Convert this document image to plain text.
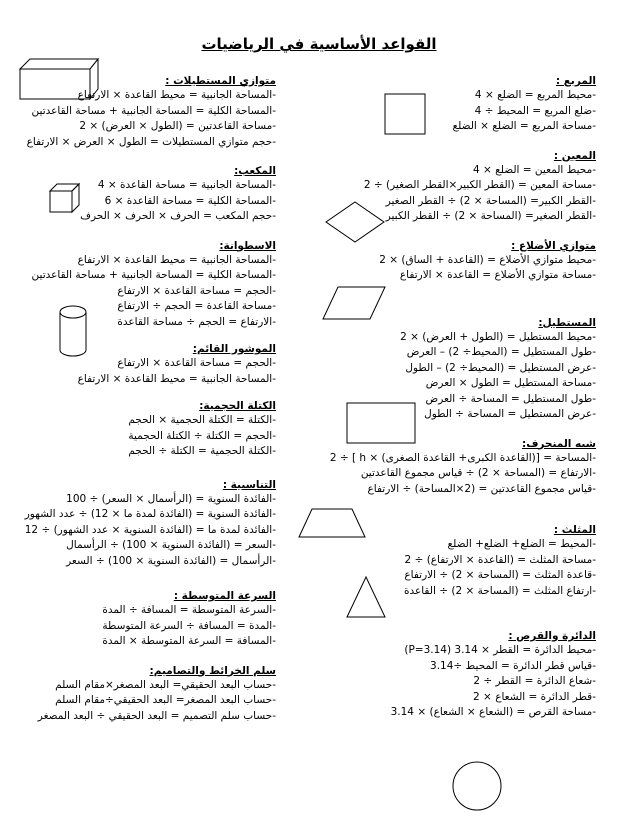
القواعد الأساسية في الرياضيات
المربع :
-محيط المربع = الضلع × 4
-ضلع المربع = المحيط ÷ 4
-مساحة المربع = الضلع × الضلع
المعين :
-محيط المعين = الضلع × 4
-مساحة المعين = (القطر الكبير×القطر الصغير) ÷ 2
-القطر الكبير= (المساحة × 2) ÷ القطر الصغير
-القطر الصغير= (المساحة × 2) ÷ القطر الكبير
متوازي الأضلاع :
-محيط متوازي الأضلاع = (القاعدة + الساق) × 2
-مساحة متوازي الأضلاع = القاعدة × الارتفاع
المستطيل:
-محيط المستطيل = (الطول + العرض) × 2
-طول المستطيل = (المحيط÷ 2) – العرض
-عرض المستطيل = (المحيط÷ 2) – الطول
-مساحة المستطيل = الطول × العرض
-طول المستطيل = المساحة ÷ العرض
-عرض المستطيل = المساحة ÷ الطول
شبه المنحرف:
-المساحة = [(القاعدة الكبرى+ القاعدة الصغرى) × h ] ÷ 2
-الارتفاع = (المساحة × 2) ÷ قياس مجموع القاعدتين
-قياس مجموع القاعدتين = (2×المساحة) ÷ الارتفاع
المثلث :
-المحيط = الضلع+ الضلع+ الضلع
-مساحة المثلث = (القاعدة × الارتفاع) ÷ 2
-قاعدة المثلث = (المساحة × 2) ÷ الارتفاع
-ارتفاع المثلث = (المساحة × 2) ÷ القاعدة
الدائرة والقرص :
-محيط الدائرة = القطر × 3.14 (P=3.14)
-قياس قطر الدائرة = المحيط ÷3.14
-شعاع الدائرة = القطر ÷ 2
-قطر الدائرة = الشعاع × 2
-مساحة القرص = (الشعاع × الشعاع) × 3.14
متوازي المستطيلات :
-المساحة الجانبية = محيط القاعدة × الارتفاع
-المساحة الكلية = المساحة الجانبية + مساحة القاعدتين
-مساحة القاعدتين = (الطول × العرض) × 2
-حجم متوازي المستطيلات = الطول × العرض × الارتفاع
المكعب:
-المساحة الجانبية = مساحة القاعدة × 4
-المساحة الكلية = مساحة القاعدة × 6
-حجم المكعب = الحرف × الحرف × الحرف
الاسطوانة:
-المساحة الجانبية = محيط القاعدة × الارتفاع
-المساحة الكلية = المساحة الجانبية + مساحة القاعدتين
-الحجم = مساحة القاعدة × الارتفاع
-مساحة القاعدة = الحجم ÷ الارتفاع
-الارتفاع = الحجم ÷ مساحة القاعدة
الموشور القائم:
-الحجم = مساحة القاعدة × الارتفاع
-المساحة الجانبية = محيط القاعدة × الارتفاع
الكتلة الحجمية:
-الكتلة = الكتلة الحجمية × الحجم
-الحجم = الكتلة ÷ الكتلة الحجمية
-الكتلة الحجمية = الكتلة ÷ الحجم
التناسبية :
-الفائدة السنوية = (الرأسمال × السعر) ÷ 100
-الفائدة السنوية = (الفائدة لمدة ما × 12) ÷ عدد الشهور
-الفائدة لمدة ما = (الفائدة السنوية × عدد الشهور) ÷ 12
-السعر = (الفائدة السنوية × 100) ÷ الرأسمال
-الرأسمال = (الفائدة السنوية × 100) ÷ السعر
السرعة المتوسطة :
-السرعة المتوسطة = المسافة ÷ المدة
-المدة = المسافة ÷ السرعة المتوسطة
-المسافة = السرعة المتوسطة × المدة
سلم الخرائط والتصاميم:
-حساب البعد الحقيقي= البعد المصغر×مقام السلم
-حساب البعد المصغر= البعد الحقيقي÷مقام السلم
-حساب سلم التصميم = البعد الحقيقي ÷ البعد المصغر
